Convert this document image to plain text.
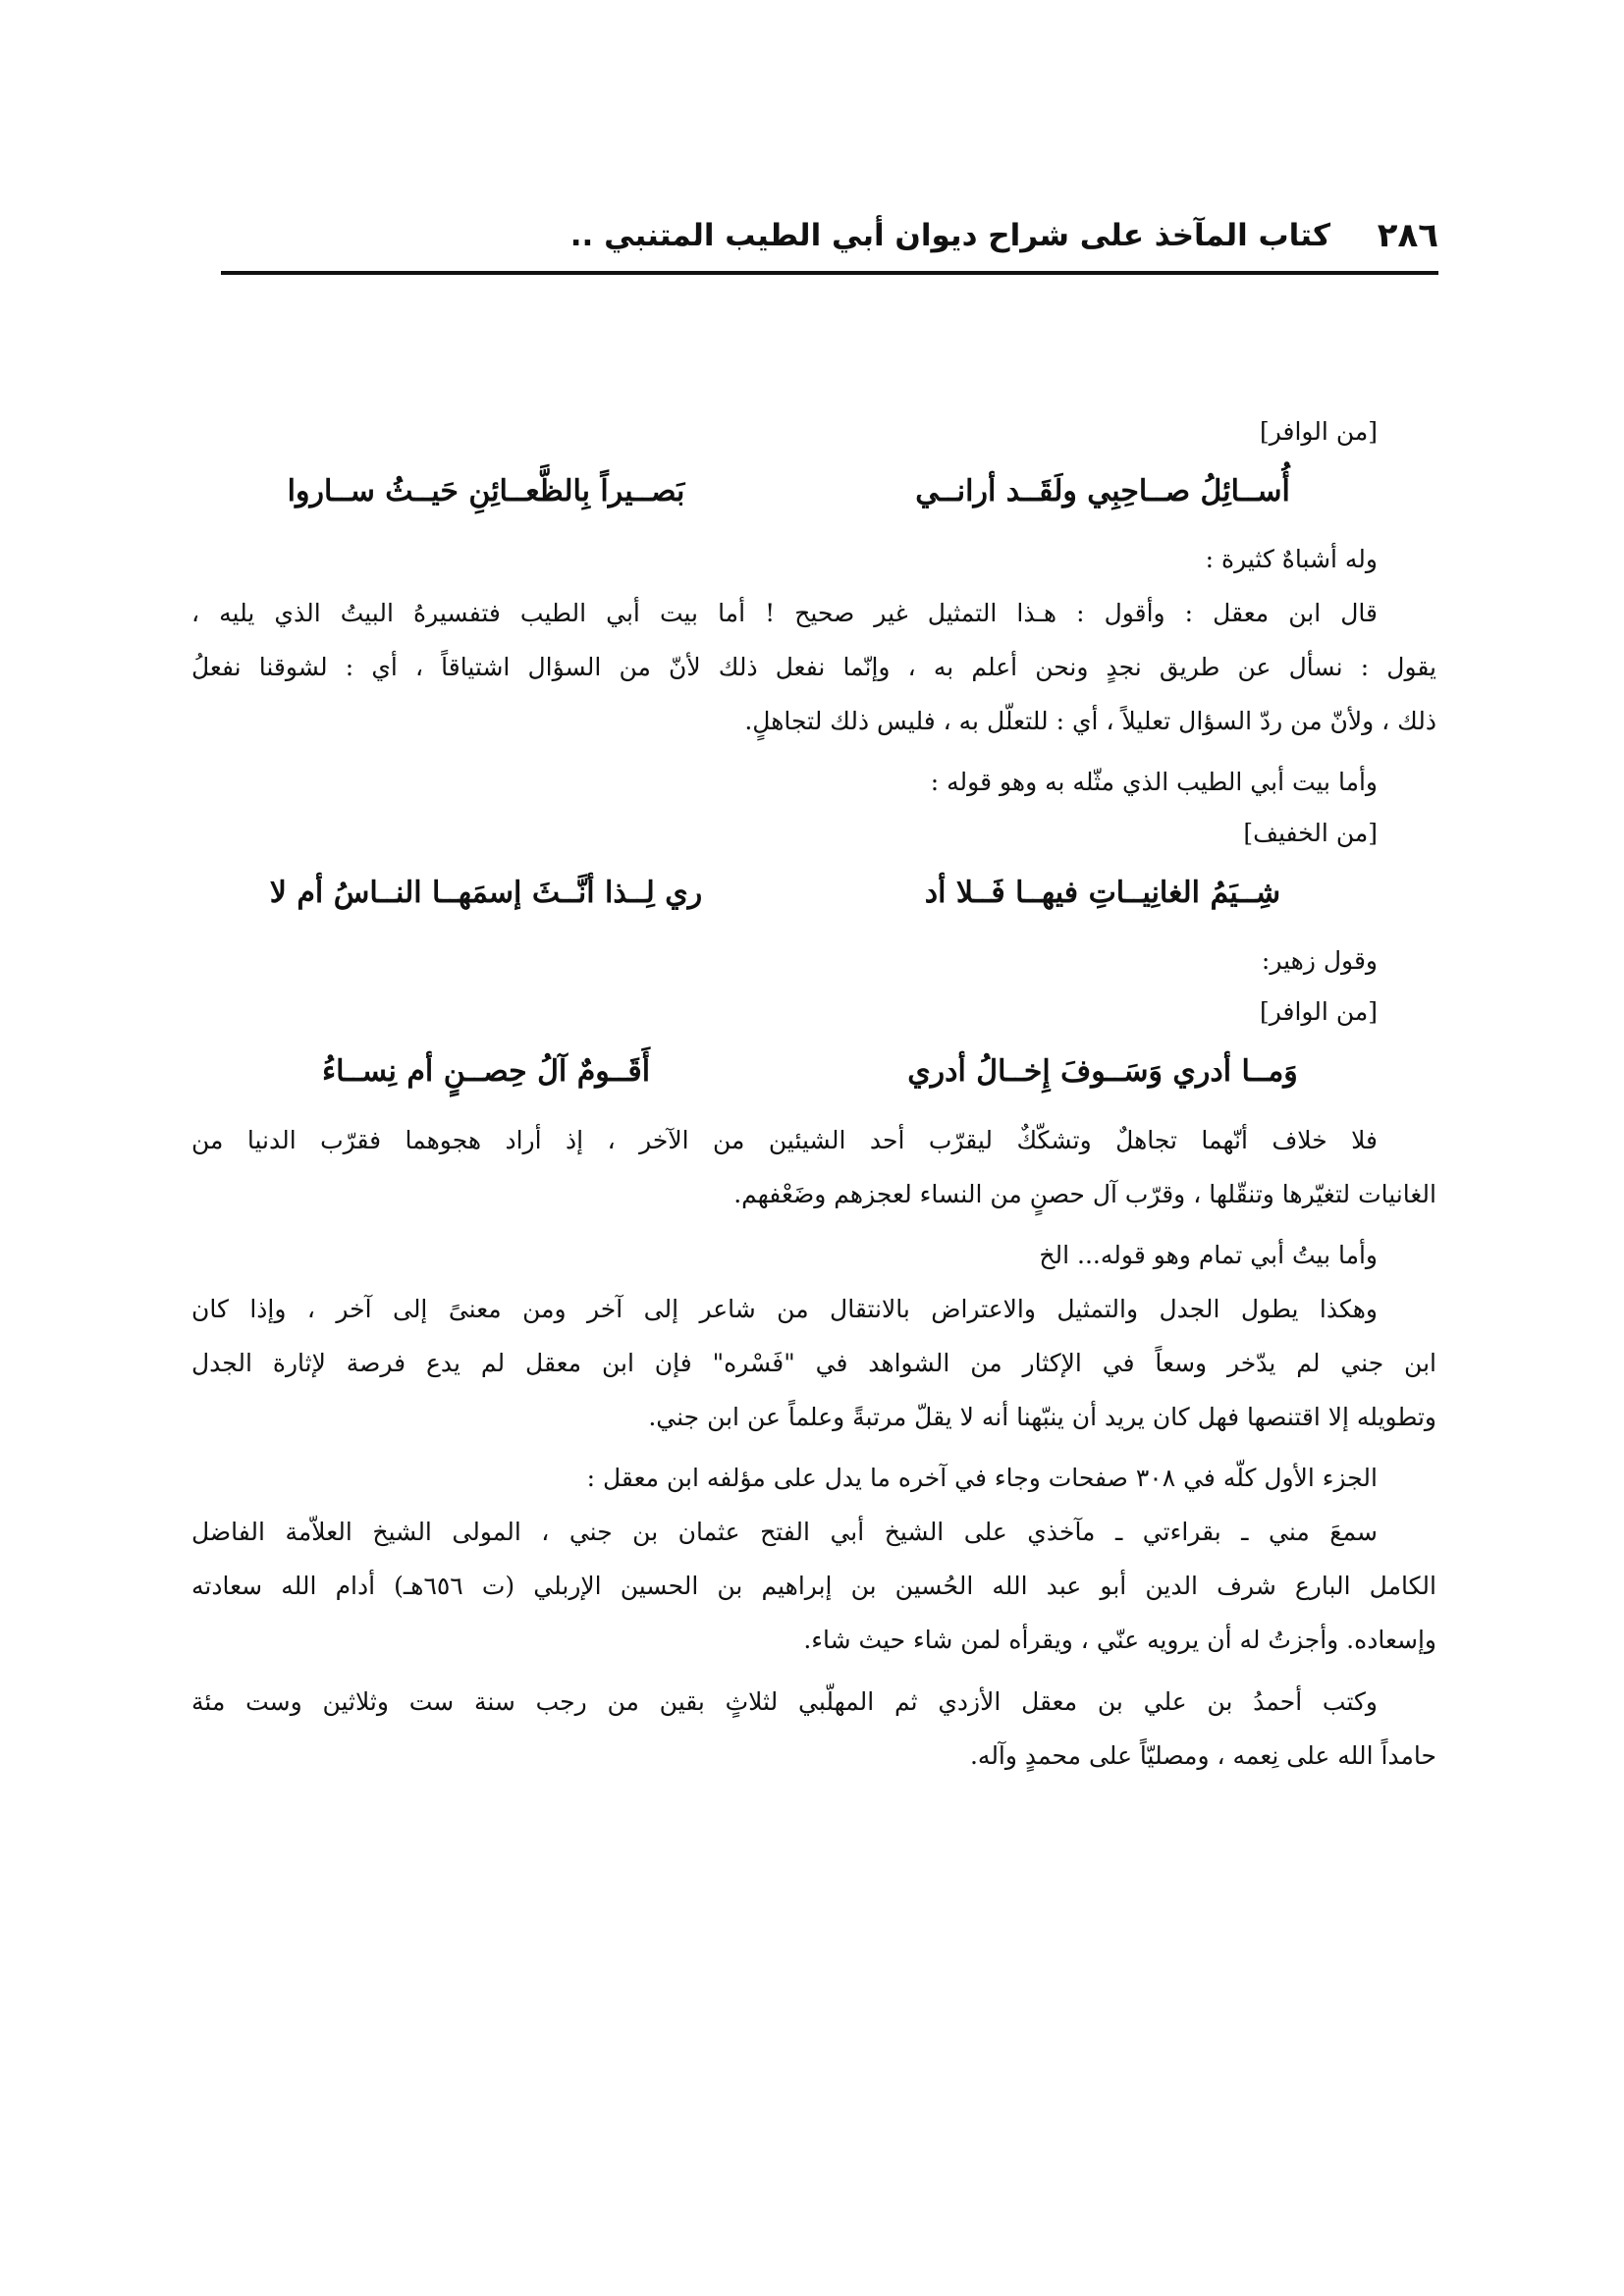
٢٨٦
كتاب المآخذ على شراح ديوان أبي الطيب المتنبي ..
[من الوافر]
أُســائِلُ صــاحِبِي ولَقَــد أرانــي
بَصــيراً بِالظَّعــائِنِ حَيــثُ ســاروا
وله أشباهٌ كثيرة :
قال ابن معقل : وأقول : هـذا التمثيل غير صحيح ! أما بيت أبي الطيب فتفسيرهُ البيتُ الذي يليه ،
يقول : نسأل عن طريق نجدٍ ونحن أعلم به ، وإنّما نفعل ذلك لأنّ من السؤال اشتياقاً ، أي : لشوقنا نفعلُ
ذلك ، ولأنّ من ردّ السؤال تعليلاً ، أي : للتعلّل به ، فليس ذلك لتجاهلٍ.
وأما بيت أبي الطيب الذي مثّله به وهو قوله :
[من الخفيف]
شِــيَمُ الغانِيــاتِ فيهــا فَــلا أد
ري لِــذا أنَّــثَ إسمَهــا النــاسُ أم لا
وقول زهير:
[من الوافر]
وَمــا أدري وَسَــوفَ إِخــالُ أدري
أَقَــومٌ آلُ حِصــنٍ أم نِســاءُ
فلا خلاف أنّهما تجاهلٌ وتشكّكٌ ليقرّب أحد الشيئين من الآخر ، إذ أراد هجوهما فقرّب الدنيا من
الغانيات لتغيّرها وتنقّلها ، وقرّب آل حصنٍ من النساء لعجزهم وضَعْفهم.
وأما بيتُ أبي تمام وهو قوله... الخ
وهكذا يطول الجدل والتمثيل والاعتراض بالانتقال من شاعر إلى آخر ومن معنىً إلى آخر ، وإذا كان
ابن جني لم يدّخر وسعاً في الإكثار من الشواهد في "فَسْره" فإن ابن معقل لم يدع فرصة لإثارة الجدل
وتطويله إلا اقتنصها فهل كان يريد أن ينبّهنا أنه لا يقلّ مرتبةً وعلماً عن ابن جني.
الجزء الأول كلّه في ٣٠٨ صفحات وجاء في آخره ما يدل على مؤلفه ابن معقل :
سمعَ مني ـ بقراءتي ـ مآخذي على الشيخ أبي الفتح عثمان بن جني ، المولى الشيخ العلاّمة الفاضل
الكامل البارع شرف الدين أبو عبد الله الحُسين بن إبراهيم بن الحسين الإربلي (ت ٦٥٦هـ) أدام الله سعادته
وإسعاده. وأجزتُ له أن يرويه عنّي ، ويقرأه لمن شاء حيث شاء.
وكتب أحمدُ بن علي بن معقل الأزدي ثم المهلّبي لثلاثٍ بقين من رجب سنة ست وثلاثين وست مئة
حامداً الله على نِعمه ، ومصليّاً على محمدٍ وآله.
